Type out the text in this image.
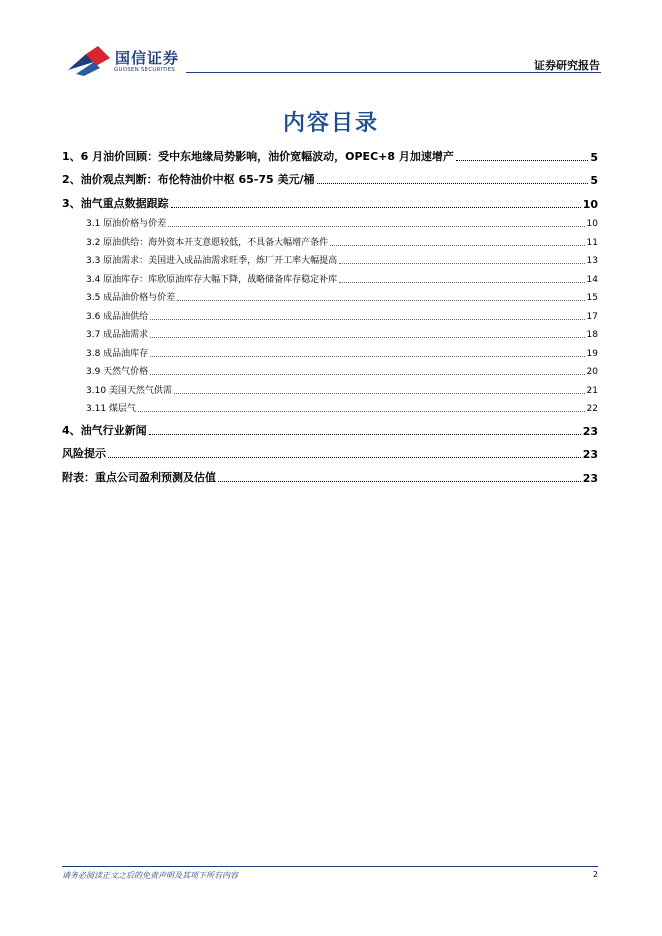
国信证券
GUOSEN SECURITIES	证券研究报告
内容目录
1、6 月油价回顾：受中东地缘局势影响，油价宽幅波动，OPEC+8 月加速增产	5
2、油价观点判断：布伦特油价中枢 65-75 美元/桶	5
3、油气重点数据跟踪	10
3.1 原油价格与价差	10
3.2 原油供给：海外资本开支意愿较低，不具备大幅增产条件	11
3.3 原油需求：美国进入成品油需求旺季，炼厂开工率大幅提高	13
3.4 原油库存：库欣原油库存大幅下降，战略储备库存稳定补库	14
3.5 成品油价格与价差	15
3.6 成品油供给	17
3.7 成品油需求	18
3.8 成品油库存	19
3.9 天然气价格	20
3.10 美国天然气供需	21
3.11 煤层气	22
4、油气行业新闻	23
风险提示	23
附表：重点公司盈利预测及估值	23
请务必阅读正文之后的免责声明及其项下所有内容	2
